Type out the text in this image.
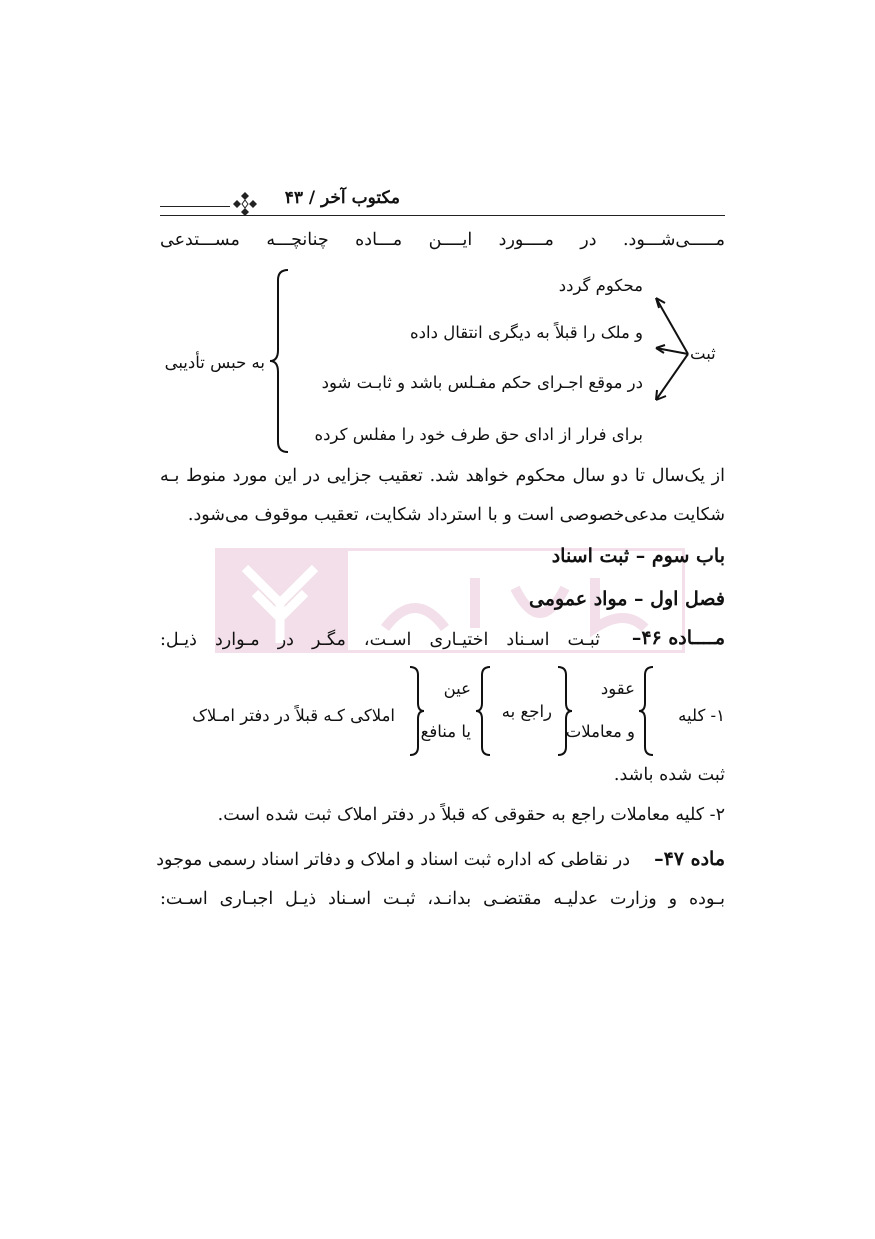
مکتوب آخر / ۴۳
مـــــی‌شـــود. در مــــورد ایــــن مـــاده چنانچـــه مســـتدعی
ثبت
محکوم گردد
و ملک را قبلاً به دیگری انتقال داده
در موقع اجـرای حکم مفـلس باشد و ثابـت شود
برای فرار از ادای حق طرف خود را مفلس کرده
به حبس تأدیبی
از یک‌سال تا دو سال محکوم خواهد شد. تعقیب جزایی در این مورد منوط بـه
شکایت مدعی‌خصوصی است و با استرداد شکایت، تعقیب موقوف می‌شود.
باب سوم – ثبت اسناد
فصل اول – مواد عمومی
مــــاده ۴۶–
ثبـت اسـناد اختیـاری اسـت، مگـر در مـوارد ذیـل:
۱- کلیه
عقود
و معاملات
راجع به
عین
یا منافع
املاکی کـه قبلاً در دفتر امـلاک
ثبت شده باشد.
۲- کلیه معاملات راجع به حقوقی که قبلاً در دفتر املاک ثبت شده است.
ماده ۴۷–
در نقاطی که اداره ثبت اسناد و املاک و دفاتر اسناد رسمی موجود
بـوده و وزارت عدلیـه مقتضـی بدانـد، ثبـت اسـناد ذیـل اجبـاری اسـت:
